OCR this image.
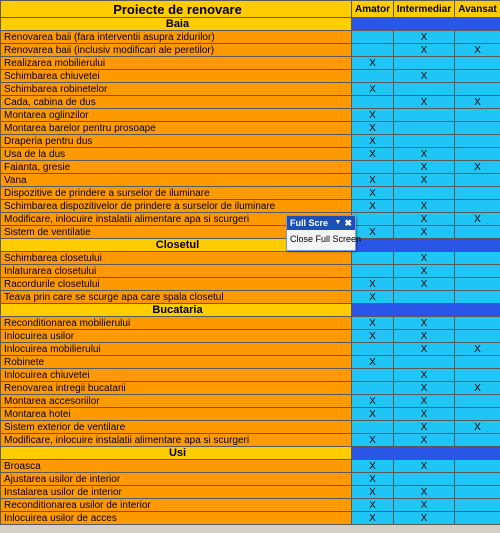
Proiecte de renovare	Amator	Intermediar	Avansat
Baia			
Renovarea baii (fara interventii asupra zidurilor)		X	
Renovarea baii (inclusiv modificari ale peretilor)		X	X
Realizarea mobilierului	X		
Schimbarea chiuvetei		X	
Schimbarea robinetelor	X		
Cada, cabina de dus		X	X
Montarea oglinzilor	X		
Montarea barelor pentru prosoape	X		
Draperia pentru dus	X		
Usa de la dus	X	X	
Faianta, gresie		X	X
Vana	X	X	
Dispozitive de prindere a surselor de iluminare	X		
Schimbarea dispozitivelor de prindere a surselor de iluminare	X	X	
Modificare, inlocuire instalatii alimentare apa si scurgeri		X	X
Sistem de ventilatie	X	X	
Closetul			
Schimbarea closetului		X	
Inlaturarea closetului		X	
Racordurile closetului	X	X	
Teava prin care se scurge apa care spala closetul	X		
Bucataria			
Reconditionarea mobilierului	X	X	
Inlocuirea usilor	X	X	
Inlocuirea mobilierului		X	X
Robinete	X		
Inlocuirea chiuvetei		X	
Renovarea intregii bucatarii		X	X
Montarea accesoriilor	X	X	
Montarea hotei	X	X	
Sistem exterior de ventilare		X	X
Modificare, inlocuire instalatii alimentare apa si scurgeri	X	X	
Usi			
Broasca	X	X	
Ajustarea usilor de interior	X		
Instalarea usilor de interior	X	X	
Reconditionarea usilor de interior	X	X	
Inlocuirea usilor de acces	X	X	
Full Scre ▼ ✖
Close Full Screen
